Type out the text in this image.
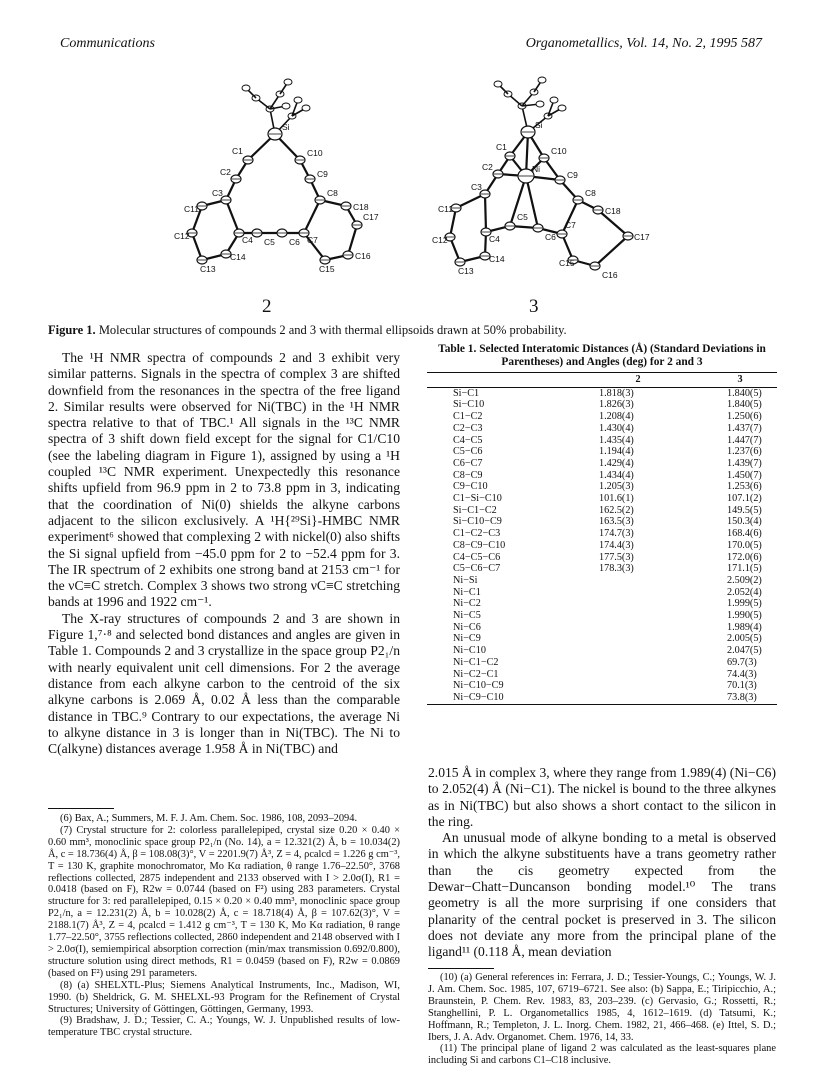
Communications	Organometallics, Vol. 14, No. 2, 1995 587
Si
C1	C10
C2	C9
C3	C8
C11	C18
C17
C12	C4 C5 C6 C7
C16
C13
C14
C15
Si
C1	C10
Ni
C2
C9
C3
C8
C11	C18
C12	C4
C5
C6
C7
C17
C13
C14	C15
C16
2	3
Figure 1. Molecular structures of compounds 2 and 3 with thermal ellipsoids drawn at 50% probability.

The ¹H NMR spectra of compounds 2 and 3 exhibit very similar patterns. Signals in the spectra of complex 3 are shifted downfield from the resonances in the spectra of the free ligand 2. Similar results were observed for Ni(TBC) in the ¹H NMR spectra relative to that of TBC.¹ All signals in the ¹³C NMR spectra of 3 shift down field except for the signal for C1/C10 (see the labeling diagram in Figure 1), assigned by using a ¹H coupled ¹³C NMR experiment. Unexpectedly this resonance shifts upfield from 96.9 ppm in 2 to 73.8 ppm in 3, indicating that the coordination of Ni(0) shields the alkyne carbons adjacent to the silicon exclusively. A ¹H{²⁹Si}-HMBC NMR experiment⁶ showed that complexing 2 with nickel(0) also shifts the Si signal upfield from −45.0 ppm for 2 to −52.4 ppm for 3. The IR spectrum of 2 exhibits one strong band at 2153 cm⁻¹ for the νC≡C stretch. Complex 3 shows two strong νC≡C stretching bands at 1996 and 1922 cm⁻¹.

The X-ray structures of compounds 2 and 3 are shown in Figure 1,⁷·⁸ and selected bond distances and angles are given in Table 1. Compounds 2 and 3 crystallize in the space group P2₁/n with nearly equivalent unit cell dimensions. For 2 the average distance from each alkyne carbon to the centroid of the six alkyne carbons is 2.069 Å, 0.02 Å less than the comparable distance in TBC.⁹ Contrary to our expectations, the average Ni to alkyne distance in 3 is longer than in Ni(TBC). The Ni to C(alkyne) distances average 1.958 Å in Ni(TBC) and

Table 1. Selected Interatomic Distances (Å) (Standard Deviations in Parentheses) and Angles (deg) for 2 and 3
	2	3
Si−C1	1.818(3)	1.840(5)
Si−C10	1.826(3)	1.840(5)
C1−C2	1.208(4)	1.250(6)
C2−C3	1.430(4)	1.437(7)
C4−C5	1.435(4)	1.447(7)
C5−C6	1.194(4)	1.237(6)
C6−C7	1.429(4)	1.439(7)
C8−C9	1.434(4)	1.450(7)
C9−C10	1.205(3)	1.253(6)
C1−Si−C10	101.6(1)	107.1(2)
Si−C1−C2	162.5(2)	149.5(5)
Si−C10−C9	163.5(3)	150.3(4)
C1−C2−C3	174.7(3)	168.4(6)
C8−C9−C10	174.4(3)	170.0(5)
C4−C5−C6	177.5(3)	172.0(6)
C5−C6−C7	178.3(3)	171.1(5)
Ni−Si		2.509(2)
Ni−C1		2.052(4)
Ni−C2		1.999(5)
Ni−C5		1.990(5)
Ni−C6		1.989(4)
Ni−C9		2.005(5)
Ni−C10		2.047(5)
Ni−C1−C2		69.7(3)
Ni−C2−C1		74.4(3)
Ni−C10−C9		70.1(3)
Ni−C9−C10		73.8(3)

2.015 Å in complex 3, where they range from 1.989(4) (Ni−C6) to 2.052(4) Å (Ni−C1). The nickel is bound to the three alkynes as in Ni(TBC) but also shows a short contact to the silicon in the ring.

An unusual mode of alkyne bonding to a metal is observed in which the alkyne substituents have a trans geometry rather than the cis geometry expected from the Dewar−Chatt−Duncanson bonding model.¹⁰ The trans geometry is all the more surprising if one considers that planarity of the central pocket is preserved in 3. The silicon does not deviate any more from the principal plane of the ligand¹¹ (0.118 Å, mean deviation

(6) Bax, A.; Summers, M. F. J. Am. Chem. Soc. 1986, 108, 2093–2094.

(7) Crystal structure for 2: colorless parallelepiped, crystal size 0.20 × 0.40 × 0.60 mm³, monoclinic space group P2₁/n (No. 14), a = 12.321(2) Å, b = 10.034(2) Å, c = 18.736(4) Å, β = 108.08(3)°, V = 2201.9(7) Å³, Z = 4, ρcalcd = 1.226 g cm⁻³, T = 130 K, graphite monochromator, Mo Kα radiation, θ range 1.76–22.50°, 3768 reflections collected, 2875 independent and 2133 observed with I > 2.0σ(I), R1 = 0.0418 (based on F), R2w = 0.0744 (based on F²) using 283 parameters. Crystal structure for 3: red parallelepiped, 0.15 × 0.20 × 0.40 mm³, monoclinic space group P2₁/n, a = 12.231(2) Å, b = 10.028(2) Å, c = 18.718(4) Å, β = 107.62(3)°, V = 2188.1(7) Å³, Z = 4, ρcalcd = 1.412 g cm⁻³, T = 130 K, Mo Kα radiation, θ range 1.77–22.50°, 3755 reflections collected, 2860 independent and 2148 observed with I > 2.0σ(I), semiempirical absorption correction (min/max transmission 0.692/0.800), structure solution using direct methods, R1 = 0.0459 (based on F), R2w = 0.0869 (based on F²) using 291 parameters.

(8) (a) SHELXTL-Plus; Siemens Analytical Instruments, Inc., Madison, WI, 1990. (b) Sheldrick, G. M. SHELXL-93 Program for the Refinement of Crystal Structures; University of Göttingen, Göttingen, Germany, 1993.

(9) Bradshaw, J. D.; Tessier, C. A.; Youngs, W. J. Unpublished results of low-temperature TBC crystal structure.

(10) (a) General references in: Ferrara, J. D.; Tessier-Youngs, C.; Youngs, W. J. J. Am. Chem. Soc. 1985, 107, 6719–6721. See also: (b) Sappa, E.; Tiripicchio, A.; Braunstein, P. Chem. Rev. 1983, 83, 203–239. (c) Gervasio, G.; Rossetti, R.; Stanghellini, P. L. Organometallics 1985, 4, 1612–1619. (d) Tatsumi, K.; Hoffmann, R.; Templeton, J. L. Inorg. Chem. 1982, 21, 466–468. (e) Ittel, S. D.; Ibers, J. A. Adv. Organomet. Chem. 1976, 14, 33.

(11) The principal plane of ligand 2 was calculated as the least-squares plane including Si and carbons C1–C18 inclusive.
